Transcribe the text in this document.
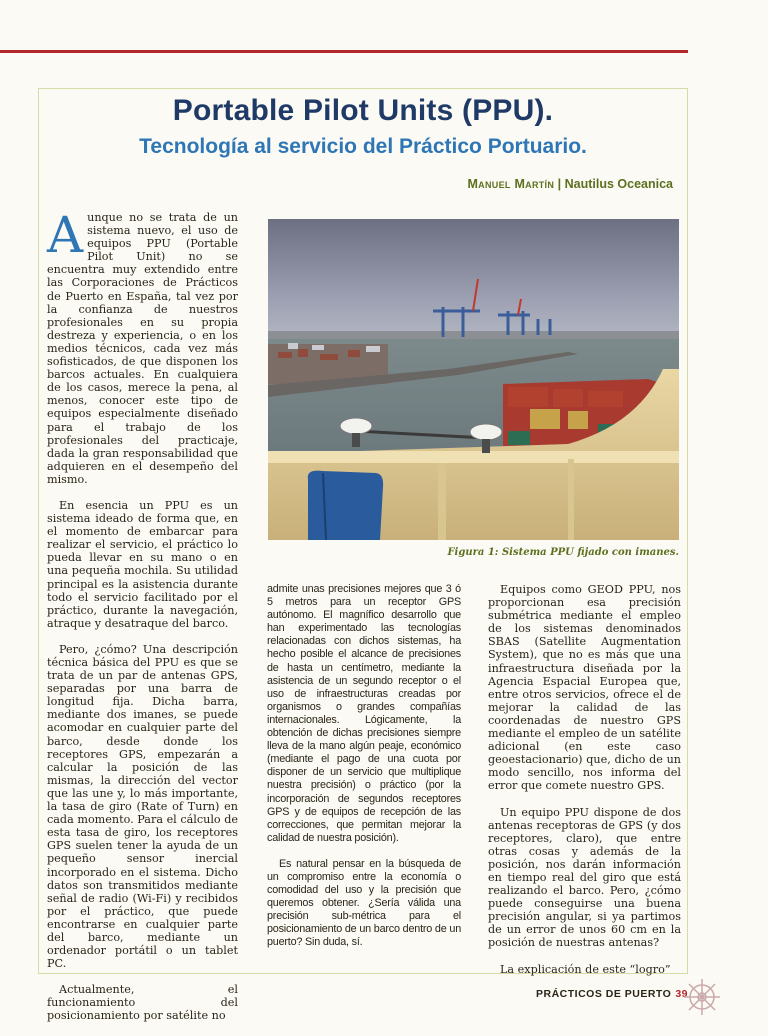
Portable Pilot Units (PPU).
Tecnología al servicio del Práctico Portuario.

Manuel Martín | Nautilus Oceanica

Aunque no se trata de un sistema nuevo, el uso de equipos PPU (Portable Pilot Unit) no se encuentra muy extendido entre las Corporaciones de Prácticos de Puerto en España, tal vez por la confianza de nuestros profesionales en su propia destreza y experiencia, o en los medios técnicos, cada vez más sofisticados, de que disponen los barcos actuales. En cualquiera de los casos, merece la pena, al menos, conocer este tipo de equipos especialmente diseñado para el trabajo de los profesionales del practicaje, dada la gran responsabilidad que adquieren en el desempeño del mismo.

En esencia un PPU es un sistema ideado de forma que, en el momento de embarcar para realizar el servicio, el práctico lo pueda llevar en su mano o en una pequeña mochila. Su utilidad principal es la asistencia durante todo el servicio facilitado por el práctico, durante la navegación, atraque y desatraque del barco.

Pero, ¿cómo? Una descripción técnica básica del PPU es que se trata de un par de antenas GPS, separadas por una barra de longitud fija. Dicha barra, mediante dos imanes, se puede acomodar en cualquier parte del barco, desde donde los receptores GPS, empezarán a calcular la posición de las mismas, la dirección del vector que las une y, lo más importante, la tasa de giro (Rate of Turn) en cada momento. Para el cálculo de esta tasa de giro, los receptores GPS suelen tener la ayuda de un pequeño sensor inercial incorporado en el sistema. Dicho datos son transmitidos mediante señal de radio (Wi-Fi) y recibidos por el práctico, que puede encontrarse en cualquier parte del barco, mediante un ordenador portátil o un tablet PC.

Actualmente, el funcionamiento del posicionamiento por satélite no

Figura 1: Sistema PPU fijado con imanes.

admite unas precisiones mejores que 3 ó 5 metros para un receptor GPS autónomo. El magnífico desarrollo que han experimentado las tecnologías relacionadas con dichos sistemas, ha hecho posible el alcance de precisiones de hasta un centímetro, mediante la asistencia de un segundo receptor o el uso de infraestructuras creadas por organismos o grandes compañías internacionales. Lógicamente, la obtención de dichas precisiones siempre lleva de la mano algún peaje, económico (mediante el pago de una cuota por disponer de un servicio que multiplique nuestra precisión) o práctico (por la incorporación de segundos receptores GPS y de equipos de recepción de las correcciones, que permitan mejorar la calidad de nuestra posición).

Es natural pensar en la búsqueda de un compromiso entre la economía o comodidad del uso y la precisión que queremos obtener. ¿Sería válida una precisión sub-métrica para el posicionamiento de un barco dentro de un puerto? Sin duda, sí.

Equipos como GEOD PPU, nos proporcionan esa precisión submétrica mediante el empleo de los sistemas denominados SBAS (Satellite Augmentation System), que no es más que una infraestructura diseñada por la Agencia Espacial Europea que, entre otros servicios, ofrece el de mejorar la calidad de las coordenadas de nuestro GPS mediante el empleo de un satélite adicional (en este caso geoestacionario) que, dicho de un modo sencillo, nos informa del error que comete nuestro GPS.

Un equipo PPU dispone de dos antenas receptoras de GPS (y dos receptores, claro), que entre otras cosas y además de la posición, nos darán información en tiempo real del giro que está realizando el barco. Pero, ¿cómo puede conseguirse una buena precisión angular, si ya partimos de un error de unos 60 cm en la posición de nuestras antenas?

La explicación de este “logro”

PRÁCTICOS DE PUERTO 39
